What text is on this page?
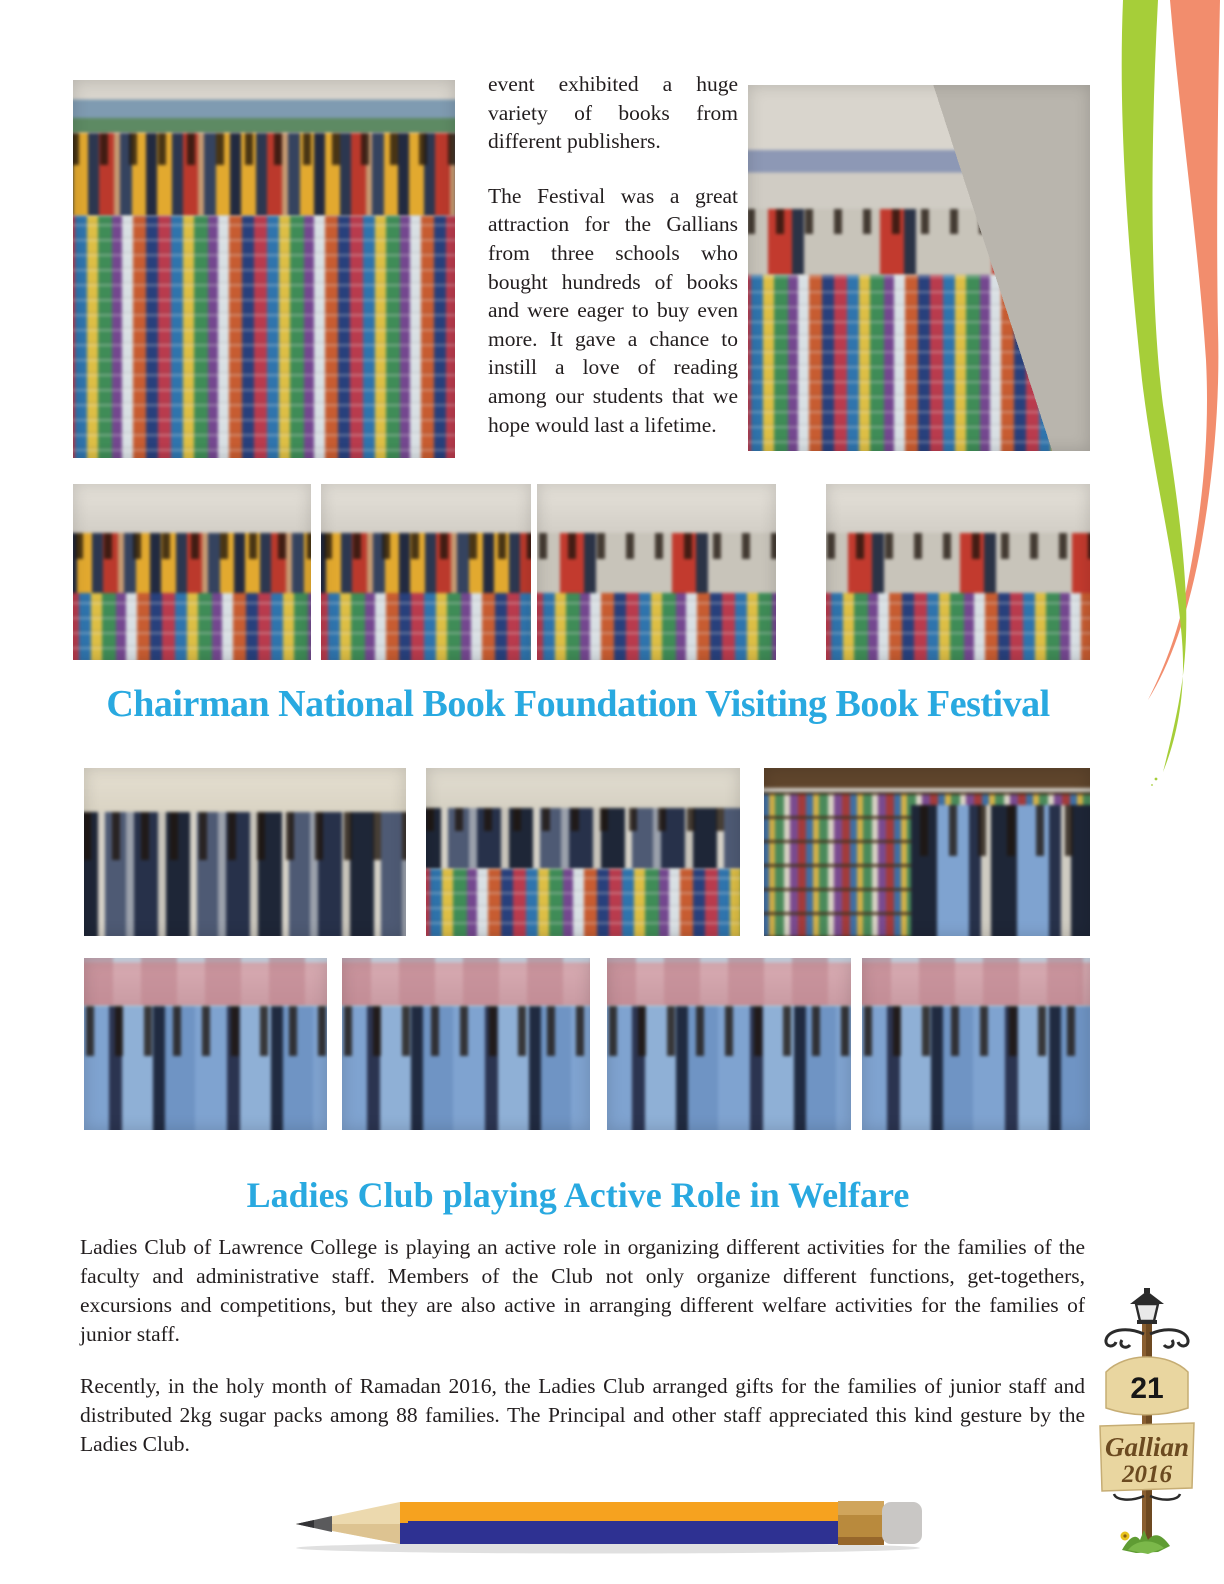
event exhibited a huge variety of books from different publishers.

The Festival was a great attraction for the Gallians from three schools who bought hundreds of books and were eager to buy even more. It gave a chance to instill a love of reading among our students that we hope would last a lifetime.

Chairman National Book Foundation Visiting Book Festival
Ladies Club playing Active Role in Welfare

Ladies Club of Lawrence College is playing an active role in organizing different activities for the families of the faculty and administrative staff. Members of the Club not only organize different functions, get-togethers, excursions and competitions, but they are also active in arranging different welfare activities for the families of junior staff.

Recently, in the holy month of Ramadan 2016, the Ladies Club arranged gifts for the families of junior staff and distributed 2kg sugar packs among 88 families. The Principal and other staff appreciated this kind gesture by the Ladies Club.

21
Gallian
2016
